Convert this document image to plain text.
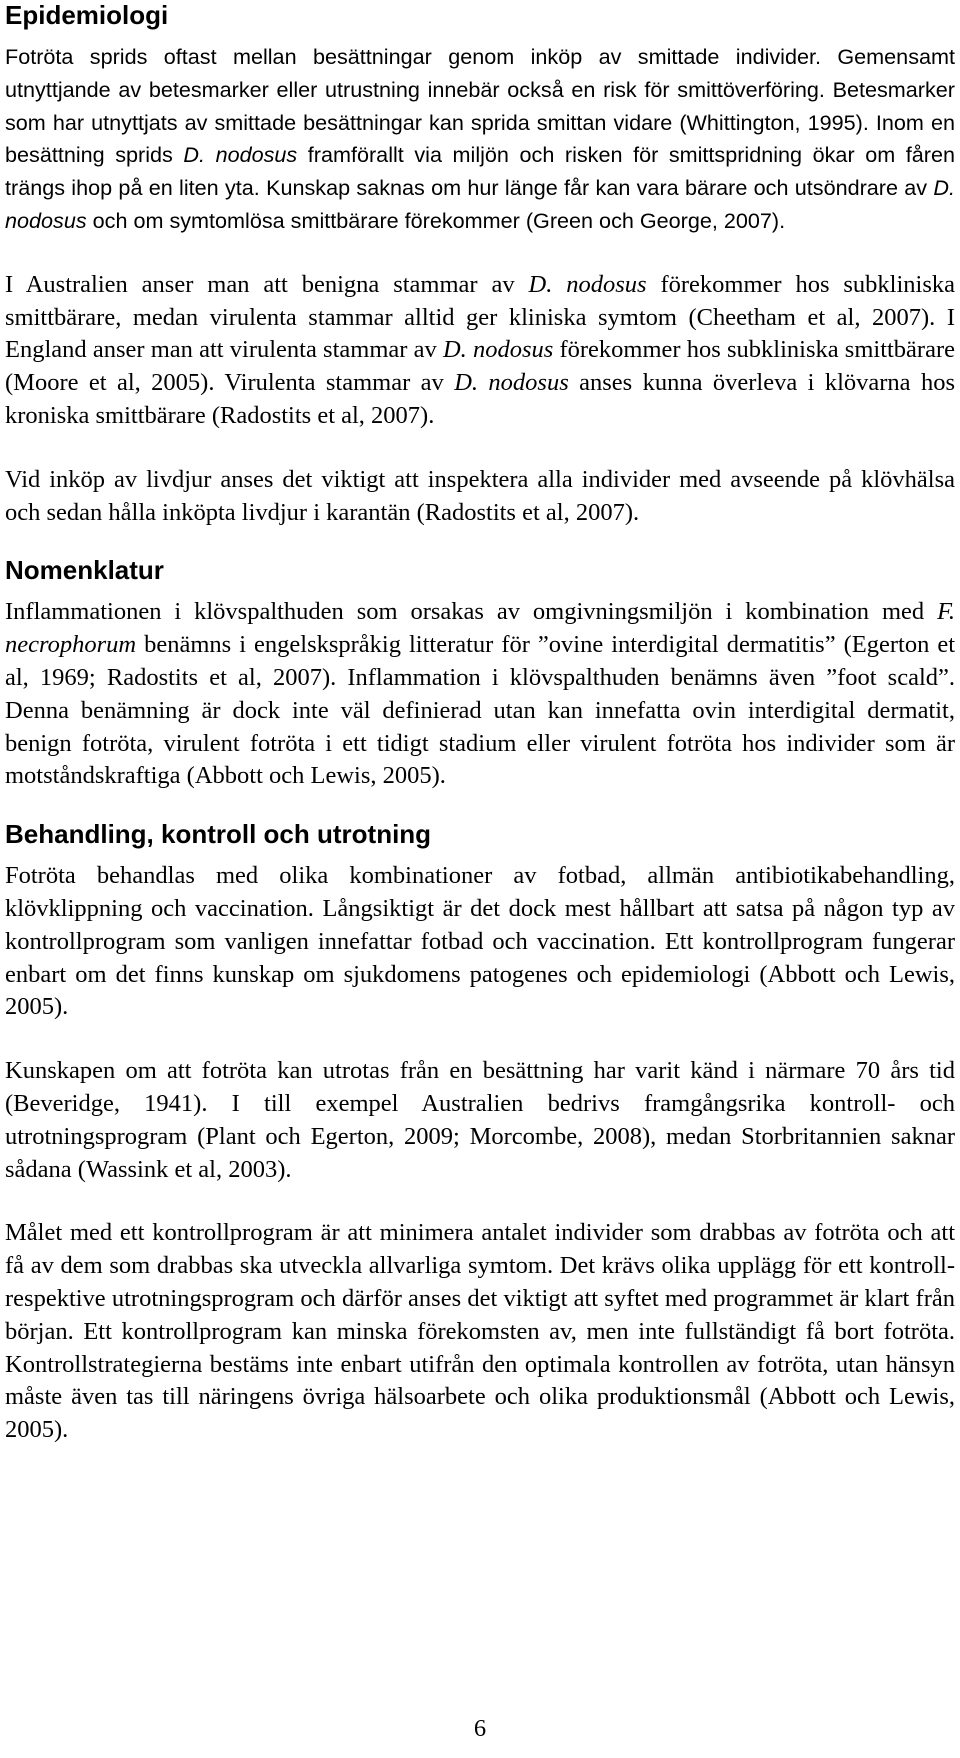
Epidemiologi

Fotröta sprids oftast mellan besättningar genom inköp av smittade individer. Gemensamt utnyttjande av betesmarker eller utrustning innebär också en risk för smittöverföring. Betesmarker som har utnyttjats av smittade besättningar kan sprida smittan vidare (Whittington, 1995). Inom en besättning sprids D. nodosus framförallt via miljön och risken för smittspridning ökar om fåren trängs ihop på en liten yta. Kunskap saknas om hur länge får kan vara bärare och utsöndrare av D. nodosus och om symtomlösa smittbärare förekommer (Green och George, 2007).

I Australien anser man att benigna stammar av D. nodosus förekommer hos subkliniska smittbärare, medan virulenta stammar alltid ger kliniska symtom (Cheetham et al, 2007). I England anser man att virulenta stammar av D. nodosus förekommer hos subkliniska smittbärare (Moore et al, 2005). Virulenta stammar av D. nodosus anses kunna överleva i klövarna hos kroniska smittbärare (Radostits et al, 2007).

Vid inköp av livdjur anses det viktigt att inspektera alla individer med avseende på klövhälsa och sedan hålla inköpta livdjur i karantän (Radostits et al, 2007).

Nomenklatur

Inflammationen i klövspalthuden som orsakas av omgivningsmiljön i kombination med F. necrophorum benämns i engelskspråkig litteratur för ”ovine interdigital dermatitis” (Egerton et al, 1969; Radostits et al, 2007). Inflammation i klövspalthuden benämns även ”foot scald”. Denna benämning är dock inte väl definierad utan kan innefatta ovin interdigital dermatit, benign fotröta, virulent fotröta i ett tidigt stadium eller virulent fotröta hos individer som är motståndskraftiga (Abbott och Lewis, 2005).

Behandling, kontroll och utrotning

Fotröta behandlas med olika kombinationer av fotbad, allmän antibiotikabehandling, klövklippning och vaccination. Långsiktigt är det dock mest hållbart att satsa på någon typ av kontrollprogram som vanligen innefattar fotbad och vaccination. Ett kontrollprogram fungerar enbart om det finns kunskap om sjukdomens patogenes och epidemiologi (Abbott och Lewis, 2005).

Kunskapen om att fotröta kan utrotas från en besättning har varit känd i närmare 70 års tid (Beveridge, 1941). I till exempel Australien bedrivs framgångsrika kontroll- och utrotningsprogram (Plant och Egerton, 2009; Morcombe, 2008), medan Storbritannien saknar sådana (Wassink et al, 2003).

Målet med ett kontrollprogram är att minimera antalet individer som drabbas av fotröta och att få av dem som drabbas ska utveckla allvarliga symtom. Det krävs olika upplägg för ett kontroll- respektive utrotningsprogram och därför anses det viktigt att syftet med programmet är klart från början. Ett kontrollprogram kan minska förekomsten av, men inte fullständigt få bort fotröta. Kontrollstrategierna bestäms inte enbart utifrån den optimala kontrollen av fotröta, utan hänsyn måste även tas till näringens övriga hälsoarbete och olika produktionsmål (Abbott och Lewis, 2005).

6
